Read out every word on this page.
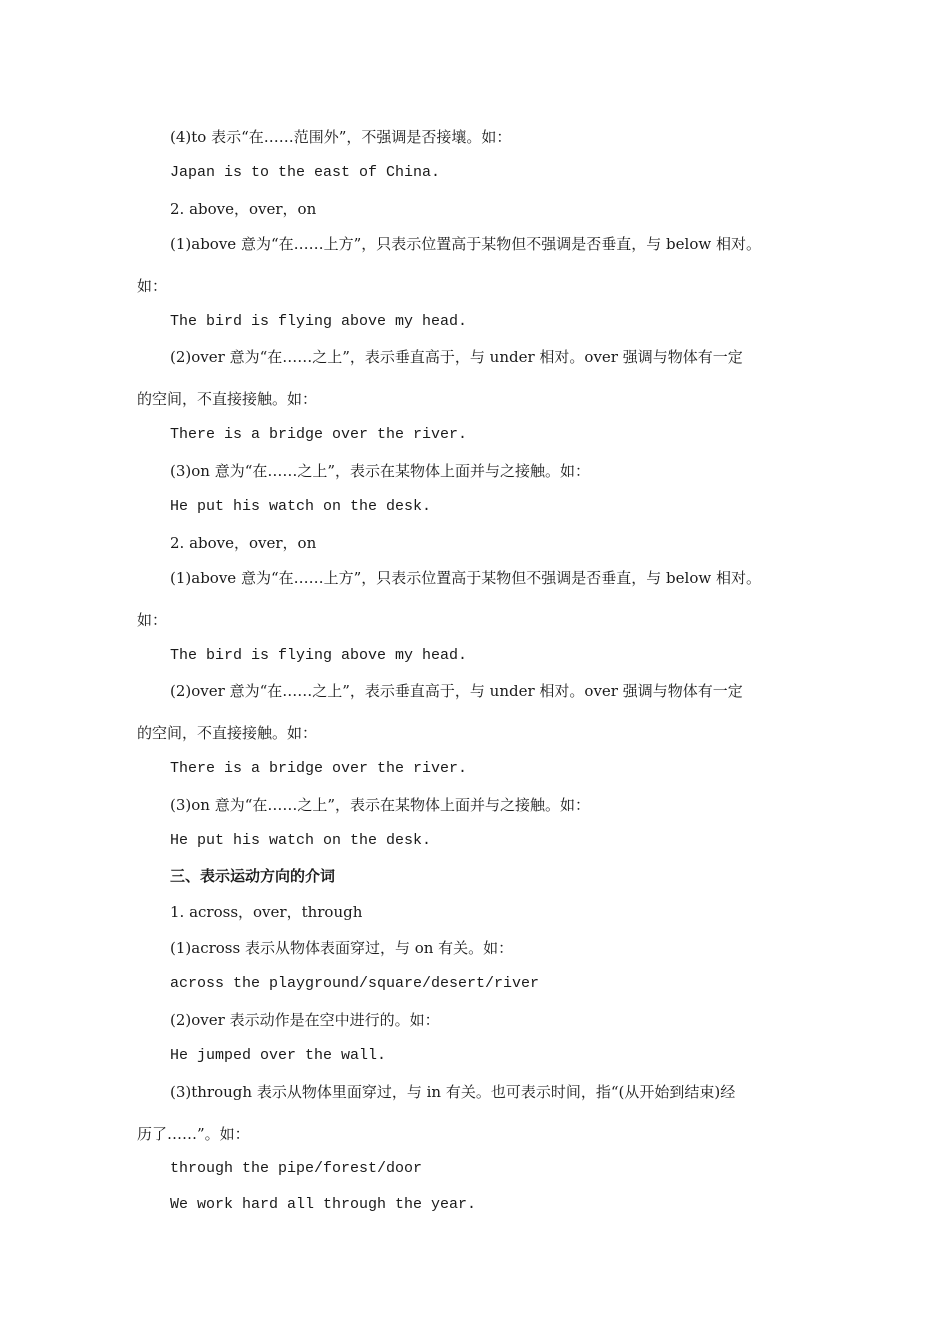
(4)to 表示“在……范围外”，不强调是否接壤。如：
Japan is to the east of China.
2. above，over，on
(1)above 意为“在……上方”，只表示位置高于某物但不强调是否垂直，与 below 相对。
如：
The bird is flying above my head.
(2)over 意为“在……之上”，表示垂直高于，与 under 相对。over 强调与物体有一定
的空间，不直接接触。如：
There is a bridge over the river.
(3)on 意为“在……之上”，表示在某物体上面并与之接触。如：
He put his watch on the desk.
2. above，over，on
(1)above 意为“在……上方”，只表示位置高于某物但不强调是否垂直，与 below 相对。
如：
The bird is flying above my head.
(2)over 意为“在……之上”，表示垂直高于，与 under 相对。over 强调与物体有一定
的空间，不直接接触。如：
There is a bridge over the river.
(3)on 意为“在……之上”，表示在某物体上面并与之接触。如：
He put his watch on the desk.
三、表示运动方向的介词
1. across，over，through
(1)across 表示从物体表面穿过，与 on 有关。如：
across the playground/square/desert/river
(2)over 表示动作是在空中进行的。如：
He jumped over the wall.
(3)through 表示从物体里面穿过，与 in 有关。也可表示时间，指“(从开始到结束)经
历了……”。如：
through the pipe/forest/door
We work hard all through the year.
